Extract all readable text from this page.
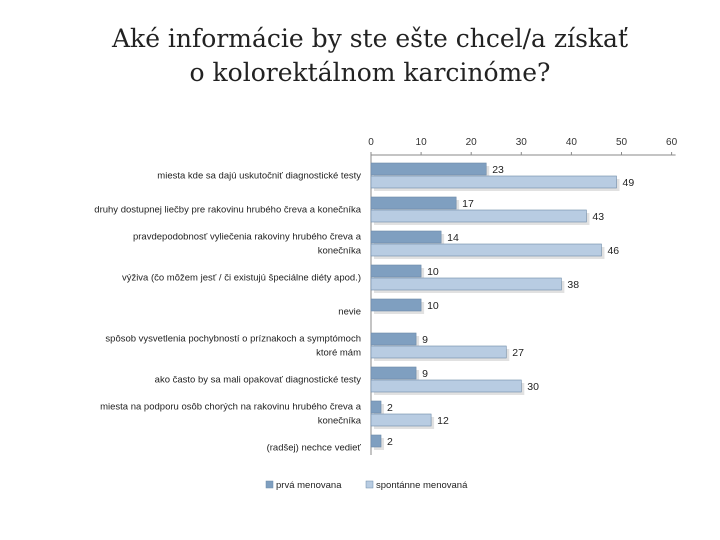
Aké informácie by ste ešte chcel/a získať
o kolorektálnom karcinóme?
0	10	20	30	40	50	60
miesta kde sa dajú uskutočniť diagnostické testy	23
49
druhy dostupnej liečby pre rakovinu hrubého čreva a konečníka	17
43
pravdepodobnosť vyliečenia rakoviny hrubého čreva a
konečníka
14
46
výživa (čo môžem jesť / či existujú špeciálne diéty apod.)	10
38
nevie	10
spôsob vysvetlenia pochybností o príznakoch a symptómoch
ktoré mám
9
27
ako často by sa mali opakovať diagnostické testy	9
30
miesta na podporu osôb chorých na rakovinu hrubého čreva a
konečníka
2
12
(radšej) nechce vedieť 2
prvá menovana	spontánne menovaná
